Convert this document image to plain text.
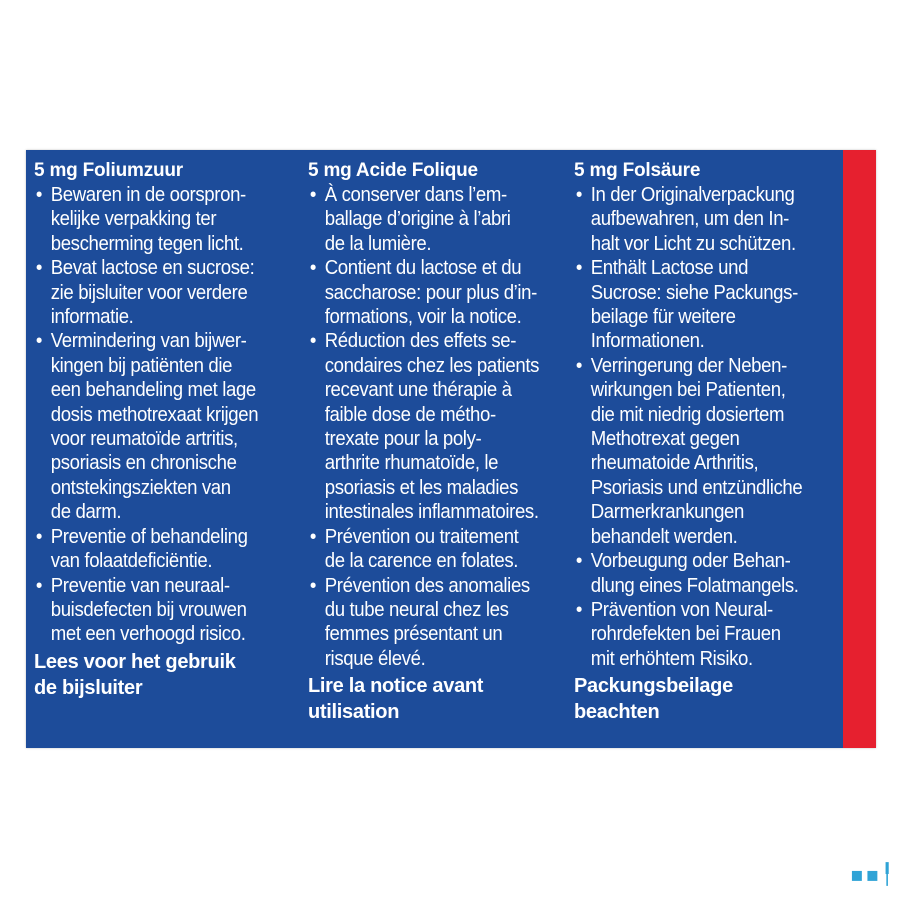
5 mg Foliumzuur
• Bewaren in de oorspron-
kelijke verpakking ter
bescherming tegen licht.
• Bevat lactose en sucrose:
zie bijsluiter voor verdere
informatie.
• Vermindering van bijwer-
kingen bij patiënten die
een behandeling met lage
dosis methotrexaat krijgen
voor reumatoïde artritis,
psoriasis en chronische
ontstekingsziekten van
de darm.
• Preventie of behandeling
van folaatdeficiëntie.
• Preventie van neuraal-
buisdefecten bij vrouwen
met een verhoogd risico.
Lees voor het gebruik
de bijsluiter
5 mg Acide Folique
• À conserver dans l’em-
ballage d’origine à l’abri
de la lumière.
• Contient du lactose et du
saccharose: pour plus d’in-
formations, voir la notice.
• Réduction des effets se-
condaires chez les patients
recevant une thérapie à
faible dose de métho-
trexate pour la poly-
arthrite rhumatoïde, le
psoriasis et les maladies
intestinales inflammatoires.
• Prévention ou traitement
de la carence en folates.
• Prévention des anomalies
du tube neural chez les
femmes présentant un
risque élevé.
Lire la notice avant
utilisation
5 mg Folsäure
• In der Originalverpackung
aufbewahren, um den In-
halt vor Licht zu schützen.
• Enthält Lactose und
Sucrose: siehe Packungs-
beilage für weitere
Informationen.
• Verringerung der Neben-
wirkungen bei Patienten,
die mit niedrig dosiertem
Methotrexat gegen
rheumatoide Arthritis,
Psoriasis und entzündliche
Darmerkrankungen
behandelt werden.
• Vorbeugung oder Behan-
dlung eines Folatmangels.
• Prävention von Neural-
rohrdefekten bei Frauen
mit erhöhtem Risiko.
Packungsbeilage
beachten
▪▪╿
